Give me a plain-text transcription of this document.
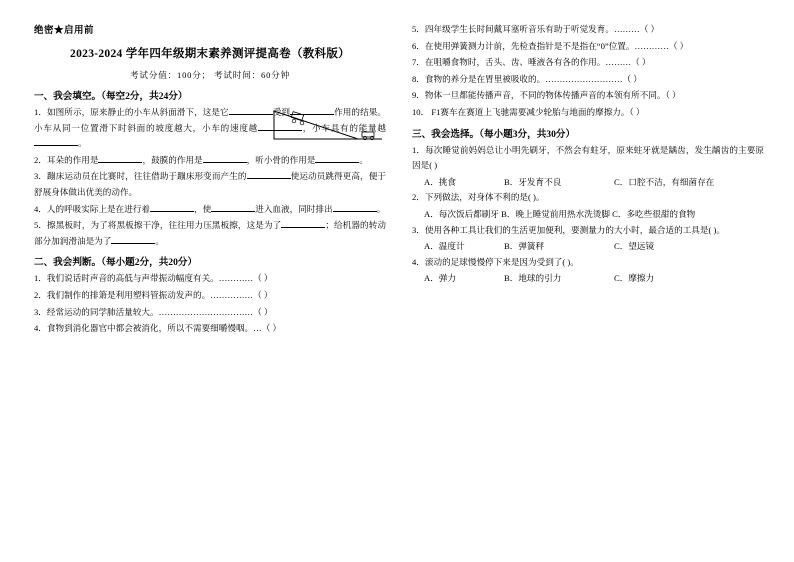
绝密★启用前
2023-2024 学年四年级期末素养测评提高卷（教科版）
考试分值：100分； 考试时间：60分钟
一、我会填空。（每空2分，共24分）
1．如图所示，原来静止的小车从斜面滑下，这是它	受到	作用的结果。小车从同一位置滑下时斜面的坡度越大，小车的速度越	，小车具有的能量越。
2．耳朵的作用是	，鼓膜的作用是	，听小骨的作用是	。
3．蹦床运动员在比赛时，往往借助于蹦床形变而产生的	使运动员跳得更高，便于舒展身体做出优美的动作。
4．人的呼吸实际上是在进行着	，使	进入血液，同时排出	。
5．擦黑板时，为了将黑板擦干净，往往用力压黑板擦，这是为了	；给机器的转动部分加润滑油是为了	。
二、我会判断。（每小题2分，共20分）
1．我们说话时声音的高低与声带振动幅度有关。…………（ ）
2．我们制作的排箫是利用塑料管振动发声的。……………（ ）
3．经常运动的同学肺活量较大。……………………………（ ）
4．食物到消化器官中都会被消化，所以不需要细嚼慢咽。…（ ）
5．四年级学生长时间戴耳塞听音乐有助于听觉发育。………（ ）
6．在使用弹簧测力计前，先检查指针是不是指在“0”位置。…………（ ）
7．在咀嚼食物时，舌头、齿、唾液各有各的作用。………（ ）
8．食物的养分是在胃里被吸收的。………………………（ ）
9．物体一旦都能传播声音，不同的物体传播声音的本领有所不同。（ ）
10． F1赛车在赛道上飞驰需要减少轮胎与地面的摩擦力。（ ）
三、我会选择。（每小题3分，共30分）
1．每次睡觉前妈妈总让小明先刷牙，不然会有蛀牙，原来蛀牙就是龋齿，发生龋齿的主要原因是( )
A．挑食	B．牙发育不良	C．口腔不洁，有细菌存在
2．下列做法，对身体不利的是( )。
A．每次饭后都刷牙 B．晚上睡觉前用热水洗烫脚 C．多吃些很甜的食物
3．使用各种工具让我们的生活更加便利，要测量力的大小时，最合适的工具是( )。
A．温度计	B．弹簧秤	C．望远镜
4．滚动的足球慢慢停下来是因为受到了( )。
A．弹力	B．地球的引力	C．摩擦力
